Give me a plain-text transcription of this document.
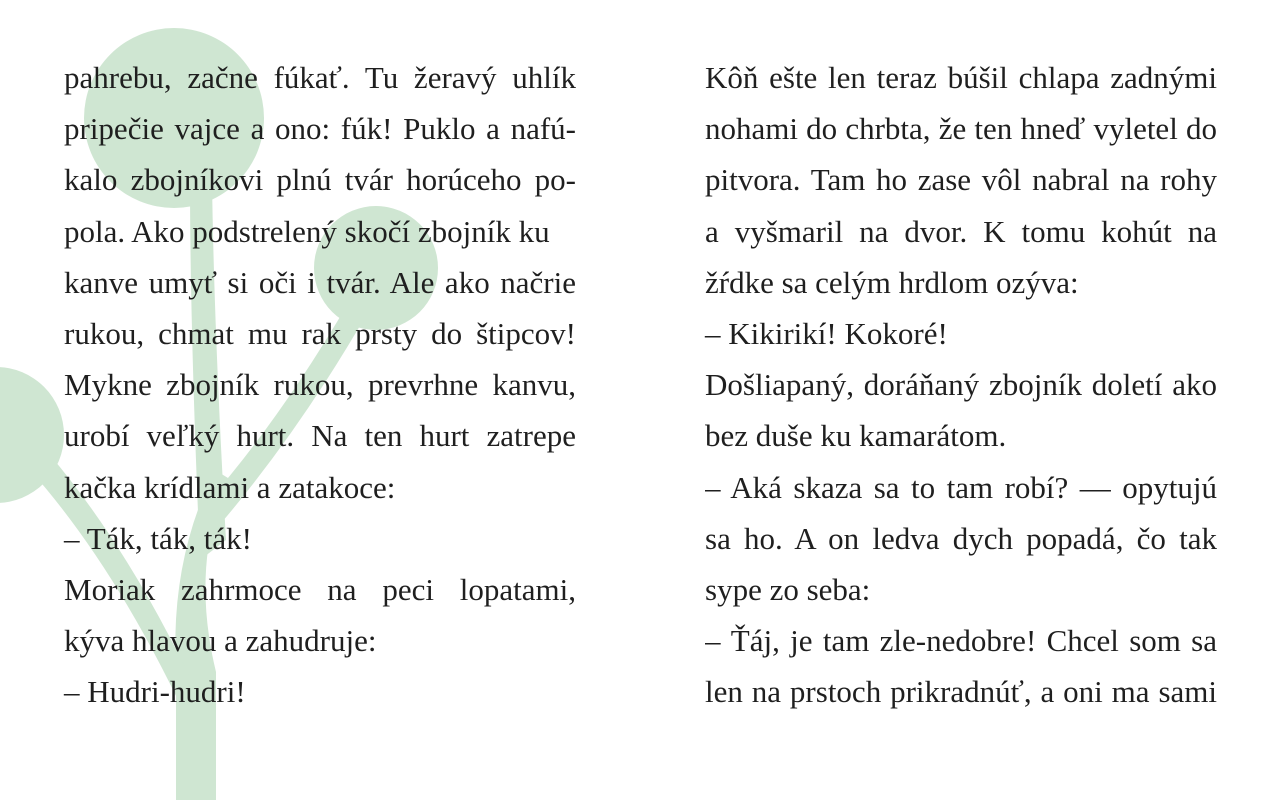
pahrebu, začne fúkať. Tu žeravý uhlík
pripečie vajce a ono: fúk! Puklo a nafú-
kalo zbojníkovi plnú tvár horúceho po-
pola. Ako podstrelený skočí zbojník ku
kanve umyť si oči i tvár. Ale ako načrie
rukou, chmat mu rak prsty do štipcov!
Mykne zbojník rukou, prevrhne kanvu,
urobí veľký hurt. Na ten hurt zatrepe
kačka krídlami a zatakoce:
– Ták, ták, ták!
Moriak zahrmoce na peci lopatami,
kýva hlavou a zahudruje:
– Hudri-hudri!
Kôň ešte len teraz búšil chlapa zadnými
nohami do chrbta, že ten hneď vyletel do
pitvora. Tam ho zase vôl nabral na rohy
a vyšmaril na dvor. K tomu kohút na
žŕdke sa celým hrdlom ozýva:
– Kikirikí! Kokoré!
Došliapaný, doráňaný zbojník doletí ako
bez duše ku kamarátom.
– Aká skaza sa to tam robí? — opytujú
sa ho. A on ledva dych popadá, čo tak
sype zo seba:
– Ťáj, je tam zle-nedobre! Chcel som sa
len na prstoch prikradnúť, a oni ma sami
